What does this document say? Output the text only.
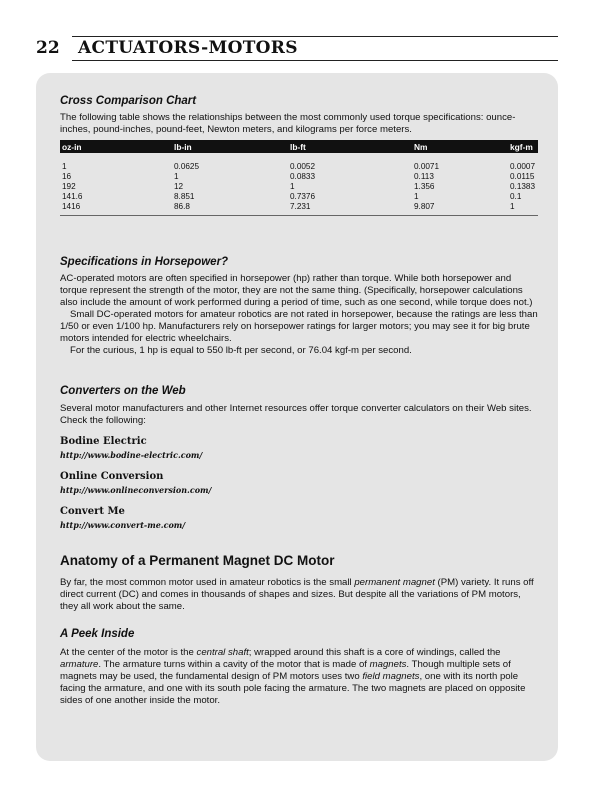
22 ACTUATORS-MOTORS

Cross Comparison Chart

The following table shows the relationships between the most commonly used torque specifications: ounce-inches, pound-inches, pound-feet, Newton meters, and kilograms per force meters.

oz-in	lb-in	lb-ft	Nm	kgf-m

1	0.0625	0.0052	0.0071	0.0007
16	1	0.0833	0.113	0.0115
192	12	1	1.356	0.1383
141.6	8.851	0.7376	1	0.1
1416	86.8	7.231	9.807	1

Specifications in Horsepower?

AC-operated motors are often specified in horsepower (hp) rather than torque. While both horsepower and torque represent the strength of the motor, they are not the same thing. (Specifically, horsepower calculations also include the amount of work performed during a period of time, such as one second, while torque does not.)

Small DC-operated motors for amateur robotics are not rated in horsepower, because the ratings are less than 1/50 or even 1/100 hp. Manufacturers rely on horsepower ratings for larger motors; you may see it for big brute motors intended for electric wheelchairs.

For the curious, 1 hp is equal to 550 lb-ft per second, or 76.04 kgf-m per second.

Converters on the Web

Several motor manufacturers and other Internet resources offer torque converter calculators on their Web sites. Check the following:

Bodine Electric

http://www.bodine-electric.com/

Online Conversion

http://www.onlineconversion.com/

Convert Me

http://www.convert-me.com/

Anatomy of a Permanent Magnet DC Motor

By far, the most common motor used in amateur robotics is the small permanent magnet (PM) variety. It runs off direct current (DC) and comes in thousands of shapes and sizes. But despite all the variations of PM motors, they all work about the same.

A Peek Inside

At the center of the motor is the central shaft; wrapped around this shaft is a core of windings, called the armature. The armature turns within a cavity of the motor that is made of magnets. Though multiple sets of magnets may be used, the fundamental design of PM motors uses two field magnets, one with its north pole facing the armature, and one with its south pole facing the armature. The two magnets are placed on opposite sides of one another inside the motor.
